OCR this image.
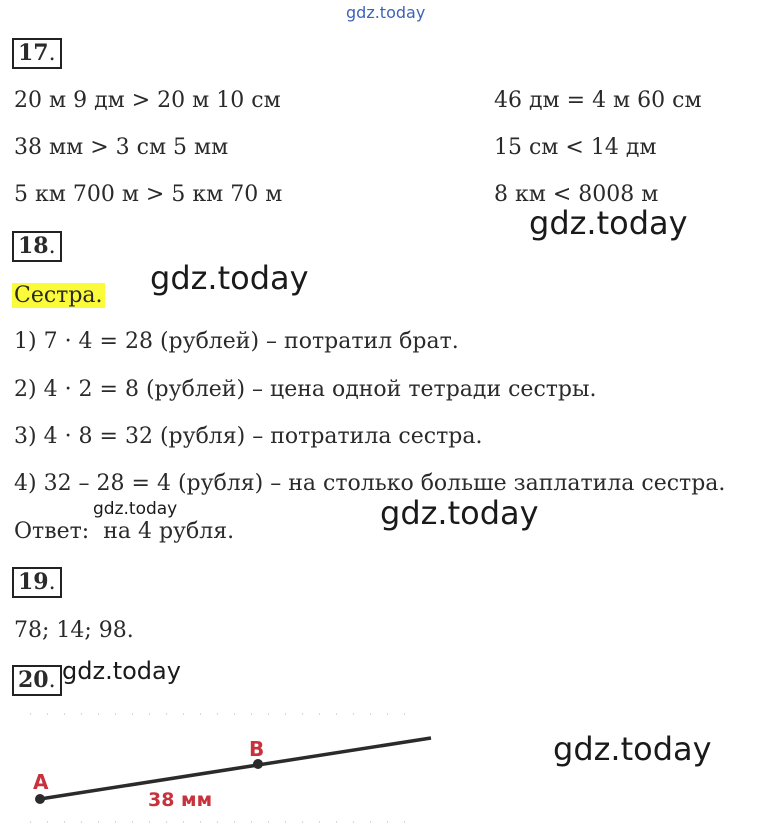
gdz.today
gdz.today
gdz.today
gdz.today	gdz.today
gdz.today
gdz.today
17.
20 м 9 дм > 20 м 10 см	46 дм = 4 м 60 см
38 мм > 3 см 5 мм	15 см < 14 дм
5 км 700 м > 5 км 70 м	8 км < 8008 м
18.
Сестра.
1) 7 · 4 = 28 (рублей) – потратил брат.
2) 4 · 2 = 8 (рублей) – цена одной тетради сестры.
3) 4 · 8 = 32 (рубля) – потратила сестра.
4) 32 – 28 = 4 (рубля) – на столько больше заплатила сестра.
Ответ: на 4 рубля.
19.
78; 14; 98.
20.
A
B
38 мм
